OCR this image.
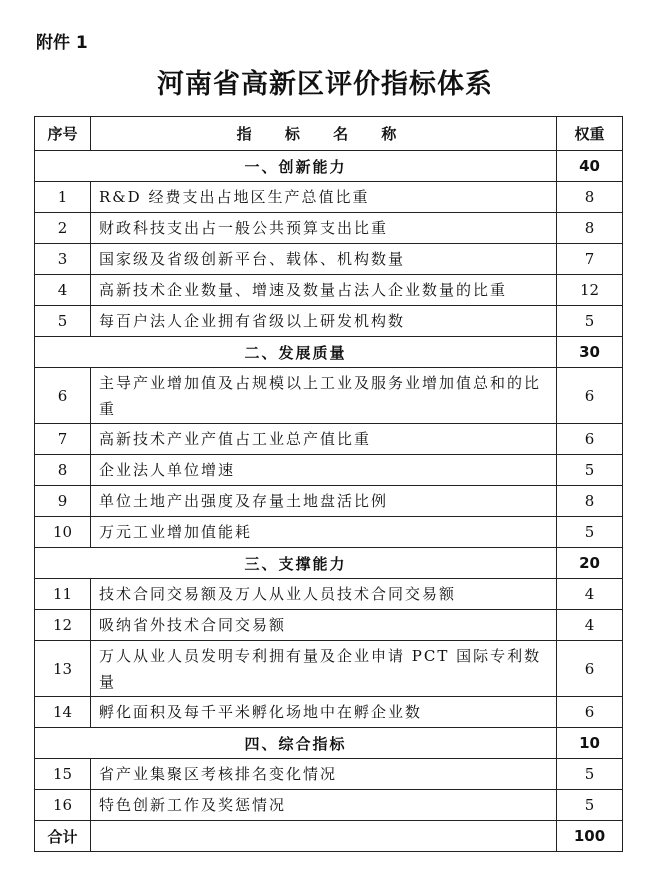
附件 1
河南省高新区评价指标体系
序号	指 标 名 称	权重
一、创新能力		40
1	R&D 经费支出占地区生产总值比重	8
2	财政科技支出占一般公共预算支出比重	8
3	国家级及省级创新平台、载体、机构数量	7
4	高新技术企业数量、增速及数量占法人企业数量的比重	12
5	每百户法人企业拥有省级以上研发机构数	5
二、发展质量		30
6	主导产业增加值及占规模以上工业及服务业增加值总和的比重	6
7	高新技术产业产值占工业总产值比重	6
8	企业法人单位增速	5
9	单位土地产出强度及存量土地盘活比例	8
10	万元工业增加值能耗	5
三、支撑能力		20
11	技术合同交易额及万人从业人员技术合同交易额	4
12	吸纳省外技术合同交易额	4
13	万人从业人员发明专利拥有量及企业申请 PCT 国际专利数量	6
14	孵化面积及每千平米孵化场地中在孵企业数	6
四、综合指标		10
15	省产业集聚区考核排名变化情况	5
16	特色创新工作及奖惩情况	5
合计		100
